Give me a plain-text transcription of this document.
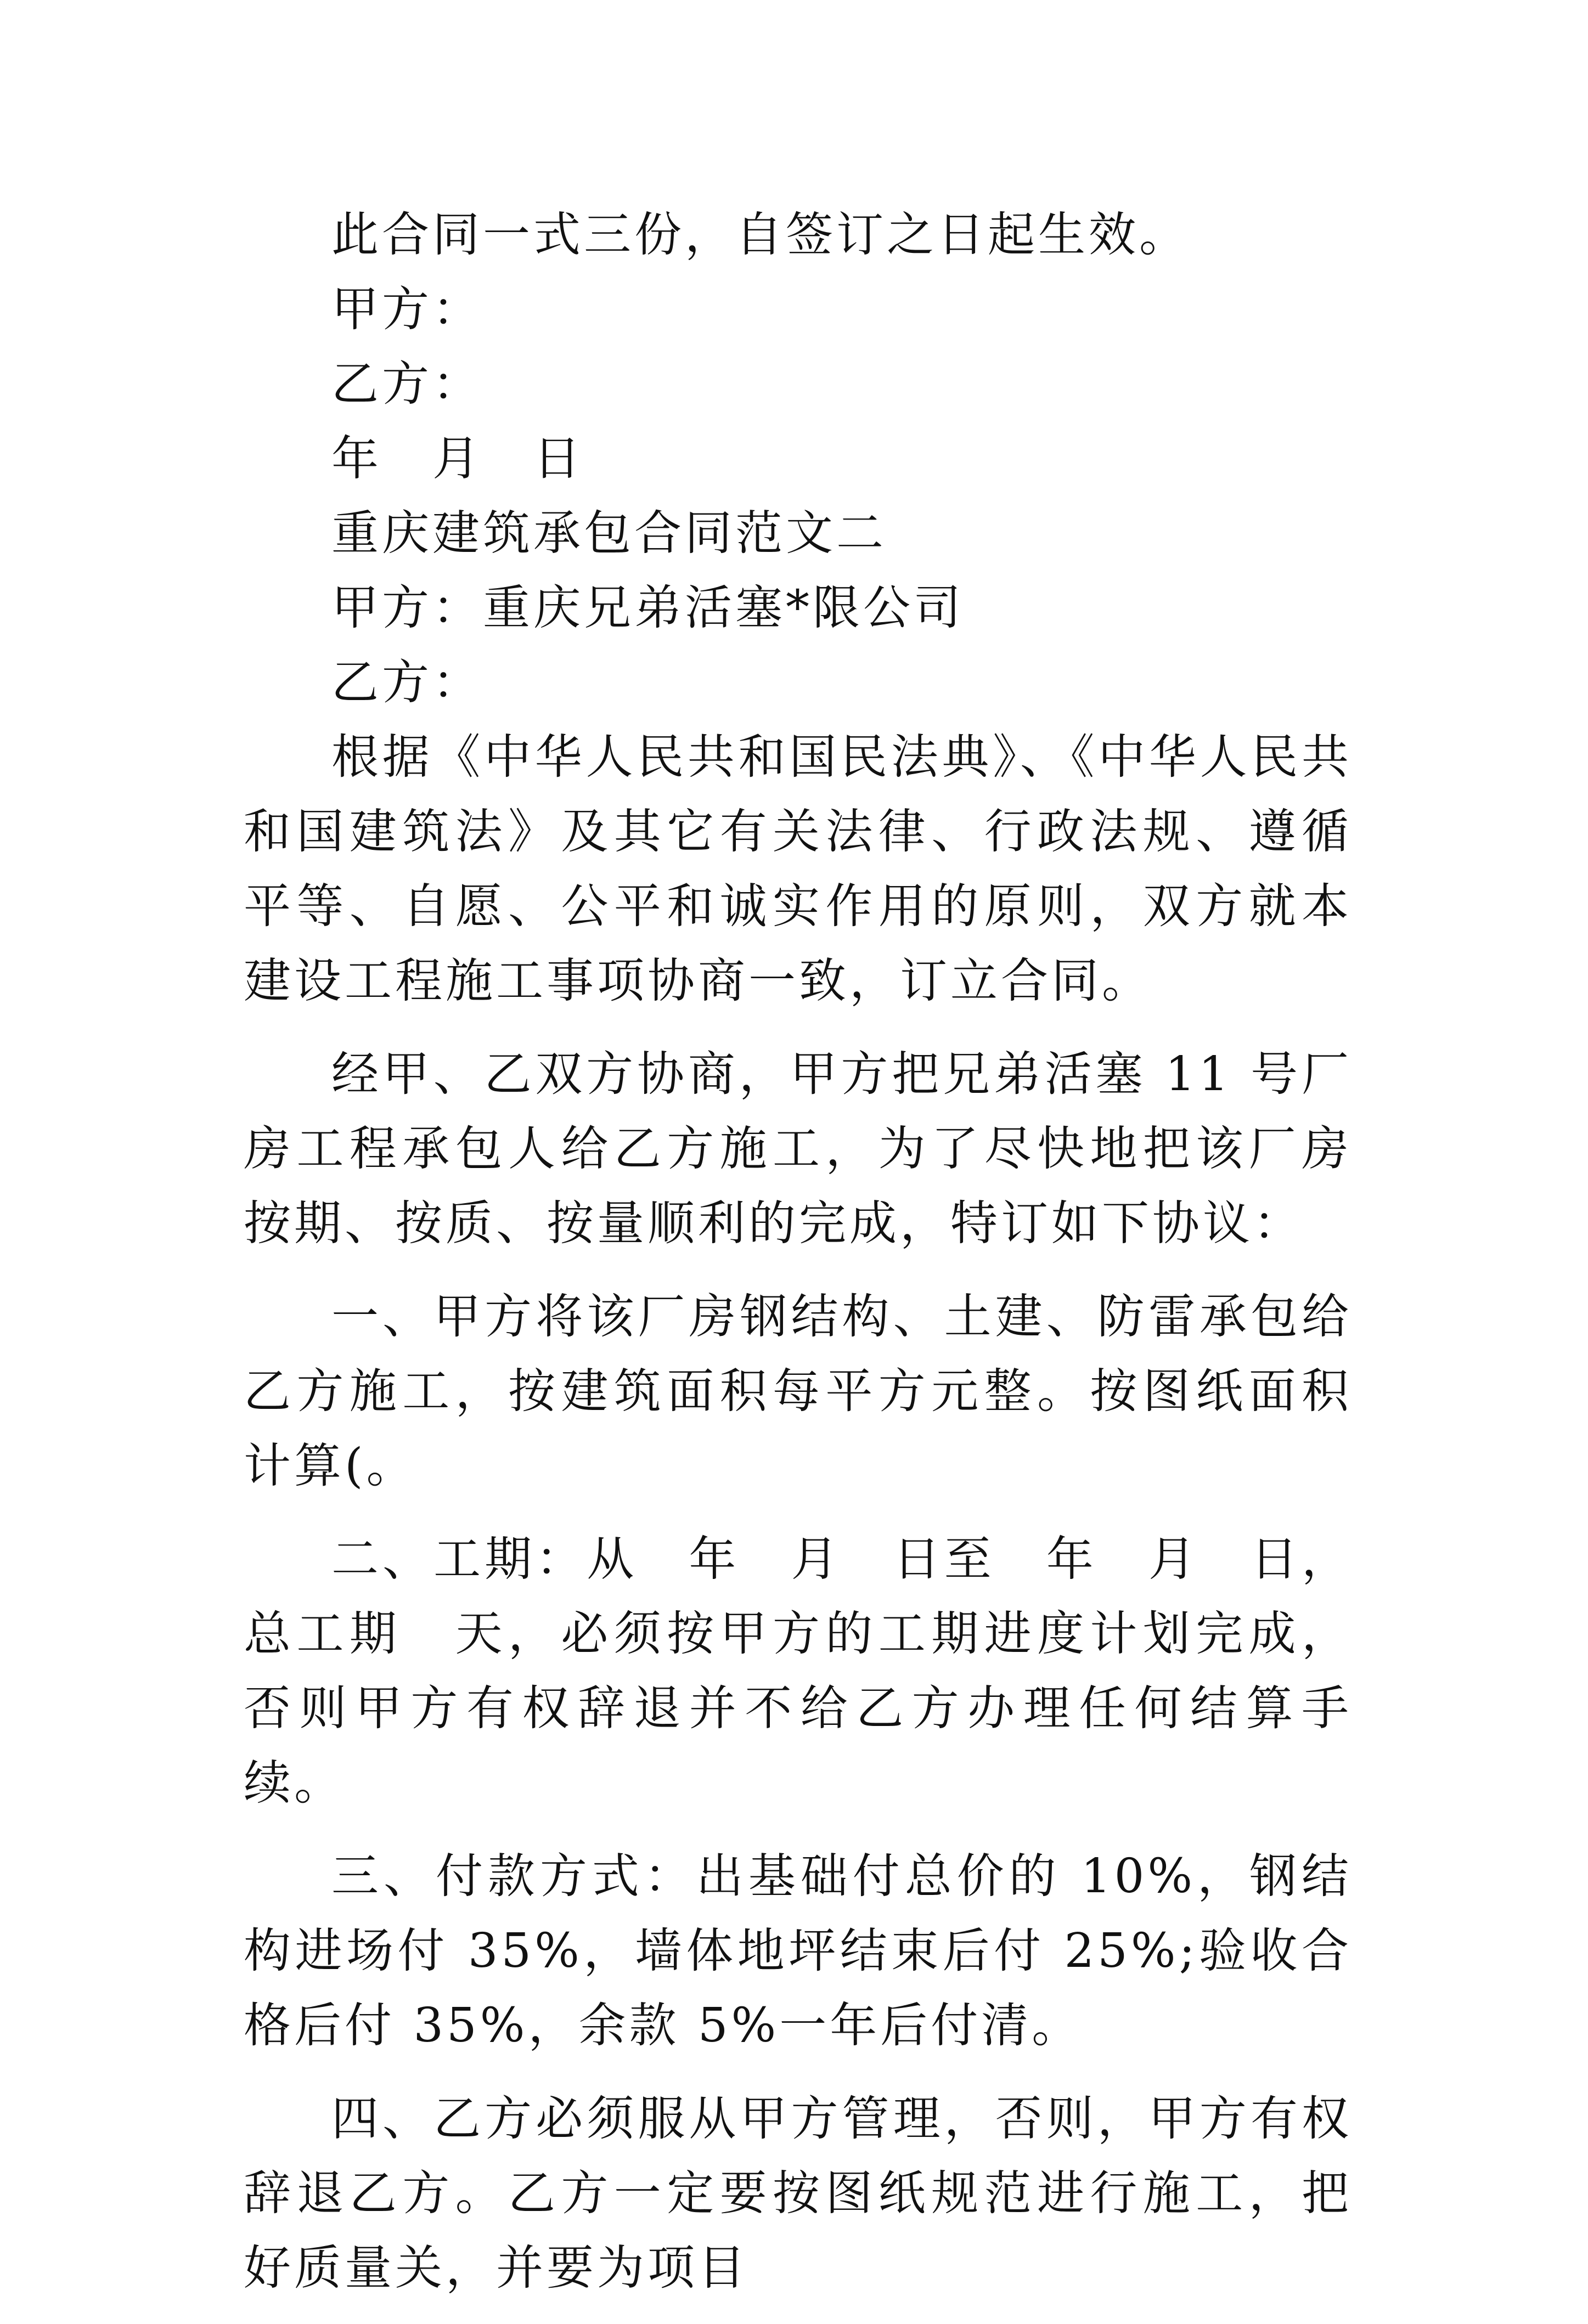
此合同一式三份，自签订之日起生效。
甲方：
乙方：
年　月　日
重庆建筑承包合同范文二
甲方：重庆兄弟活塞*限公司
乙方：

根据《中华人民共和国民法典》、《中华人民共和国建筑法》及其它有关法律、行政法规、遵循平等、自愿、公平和诚实作用的原则，双方就本建设工程施工事项协商一致，订立合同。

经甲、乙双方协商，甲方把兄弟活塞 11 号厂房工程承包人给乙方施工，为了尽快地把该厂房按期、按质、按量顺利的完成，特订如下协议：

一、甲方将该厂房钢结构、土建、防雷承包给乙方施工，按建筑面积每平方元整。按图纸面积计算(。

二、工期：从　年　月　日至　年　月　日，总工期　天，必须按甲方的工期进度计划完成，否则甲方有权辞退并不给乙方办理任何结算手续。

三、付款方式：出基础付总价的 10%，钢结构进场付 35%，墙体地坪结束后付 25%;验收合格后付 35%，余款 5%一年后付清。

四、乙方必须服从甲方管理，否则，甲方有权辞退乙方。乙方一定要按图纸规范进行施工，把好质量关，并要为项目
